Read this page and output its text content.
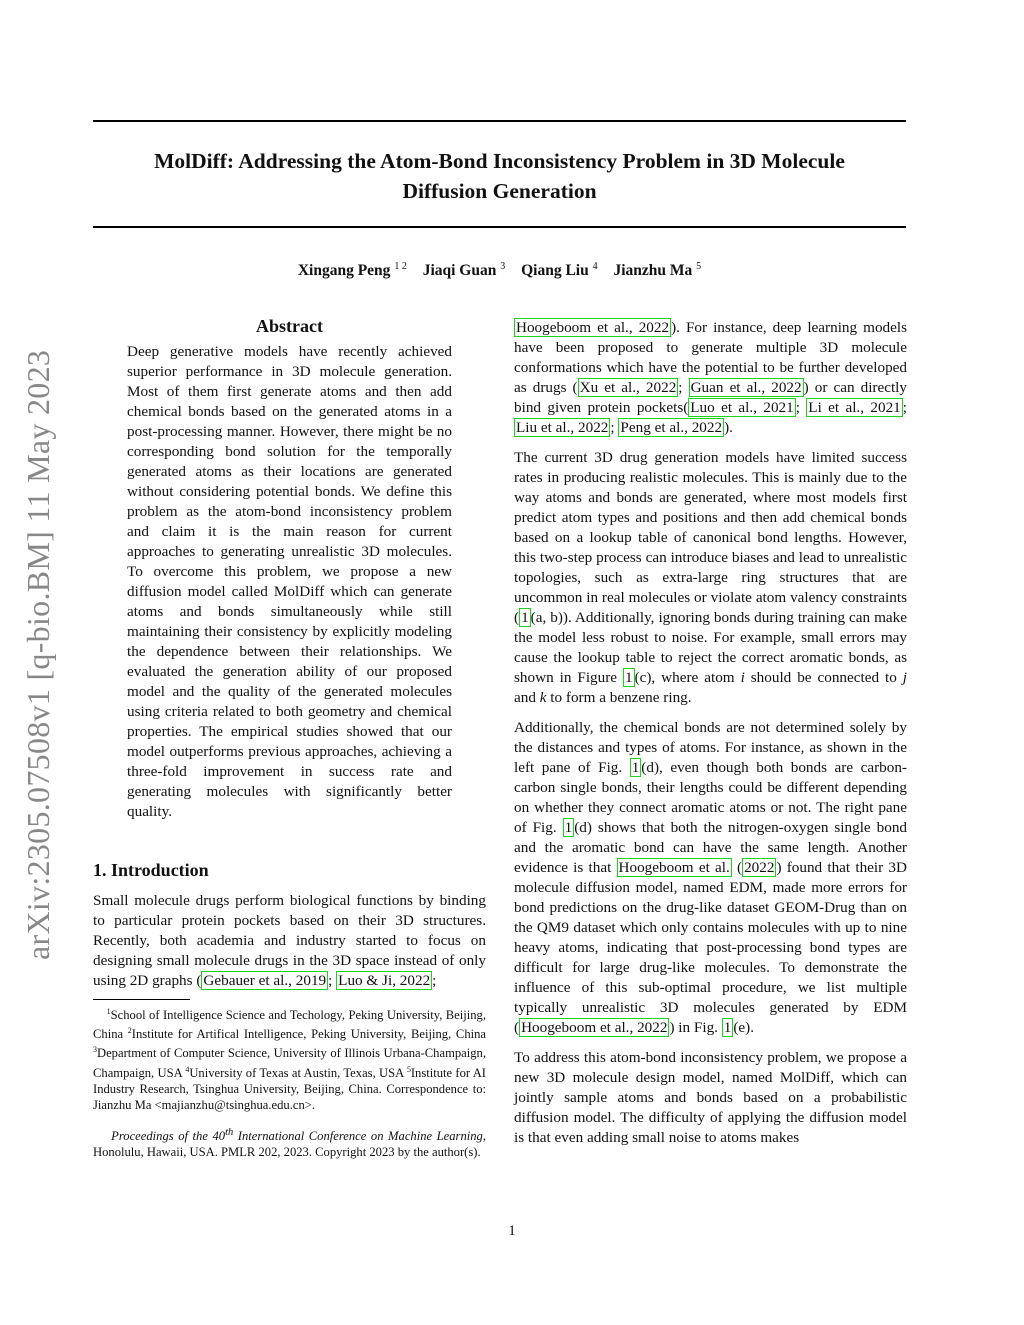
MolDiff: Addressing the Atom-Bond Inconsistency Problem in 3D Molecule
Diffusion Generation
Xingang Peng $^{1 2}$ Jiaqi Guan $^3$ Qiang Liu $^4$ Jianzhu Ma $^5$
arXiv:2305.07508v1 [q-bio.BM] 11 May 2023
Abstract

Deep generative models have recently achieved superior performance in 3D molecule generation. Most of them first generate atoms and then add chemical bonds based on the generated atoms in a post-processing manner. However, there might be no corresponding bond solution for the temporally generated atoms as their locations are generated without considering potential bonds. We define this problem as the atom-bond inconsistency problem and claim it is the main reason for current approaches to generating unrealistic 3D molecules. To overcome this problem, we propose a new diffusion model called MolDiff which can generate atoms and bonds simultaneously while still maintaining their consistency by explicitly modeling the dependence between their relationships. We evaluated the generation ability of our proposed model and the quality of the generated molecules using criteria related to both geometry and chemical properties. The empirical studies showed that our model outperforms previous approaches, achieving a three-fold improvement in success rate and generating molecules with significantly better quality.

1. Introduction

Small molecule drugs perform biological functions by binding to particular protein pockets based on their 3D structures. Recently, both academia and industry started to focus on designing small molecule drugs in the 3D space instead of only using 2D graphs ( Gebauer et al., 2019 ; Luo & Ji, 2022 ;

$^1$School of Intelligence Science and Techology, Peking University, Beijing, China $^2$Institute for Artifical Intelligence, Peking University, Beijing, China $^3$Department of Computer Science, University of Illinois Urbana-Champaign, Champaign, USA $^4$University of Texas at Austin, Texas, USA $^5$Institute for AI Industry Research, Tsinghua University, Beijing, China. Correspondence to: Jianzhu Ma <majianzhu@tsinghua.edu.cn>.
Proceedings of the 40th International Conference on Machine Learning, Honolulu, Hawaii, USA. PMLR 202, 2023. Copyright 2023 by the author(s).

Hoogeboom et al., 2022 ). For instance, deep learning models have been proposed to generate multiple 3D molecule conformations which have the potential to be further developed as drugs ( Xu et al., 2022 ; Guan et al., 2022 ) or can directly bind given protein pockets( Luo et al., 2021 ; Li et al., 2021 ; Liu et al., 2022 ; Peng et al., 2022 ).

The current 3D drug generation models have limited success rates in producing realistic molecules. This is mainly due to the way atoms and bonds are generated, where most models first predict atom types and positions and then add chemical bonds based on a lookup table of canonical bond lengths. However, this two-step process can introduce biases and lead to unrealistic topologies, such as extra-large ring structures that are uncommon in real molecules or violate atom valency constraints ( 1 (a, b)). Additionally, ignoring bonds during training can make the model less robust to noise. For example, small errors may cause the lookup table to reject the correct aromatic bonds, as shown in Figure 1 (c), where atom i should be connected to j and k to form a benzene ring.

Additionally, the chemical bonds are not determined solely by the distances and types of atoms. For instance, as shown in the left pane of Fig. 1 (d), even though both bonds are carbon-carbon single bonds, their lengths could be different depending on whether they connect aromatic atoms or not. The right pane of Fig. 1 (d) shows that both the nitrogen-oxygen single bond and the aromatic bond can have the same length. Another evidence is that Hoogeboom et al. ( 2022 ) found that their 3D molecule diffusion model, named EDM, made more errors for bond predictions on the drug-like dataset GEOM-Drug than on the QM9 dataset which only contains molecules with up to nine heavy atoms, indicating that post-processing bond types are difficult for large drug-like molecules. To demonstrate the influence of this sub-optimal procedure, we list multiple typically unrealistic 3D molecules generated by EDM ( Hoogeboom et al., 2022 ) in Fig. 1 (e).

To address this atom-bond inconsistency problem, we propose a new 3D molecule design model, named MolDiff, which can jointly sample atoms and bonds based on a probabilistic diffusion model. The difficulty of applying the diffusion model is that even adding small noise to atoms makes

1
